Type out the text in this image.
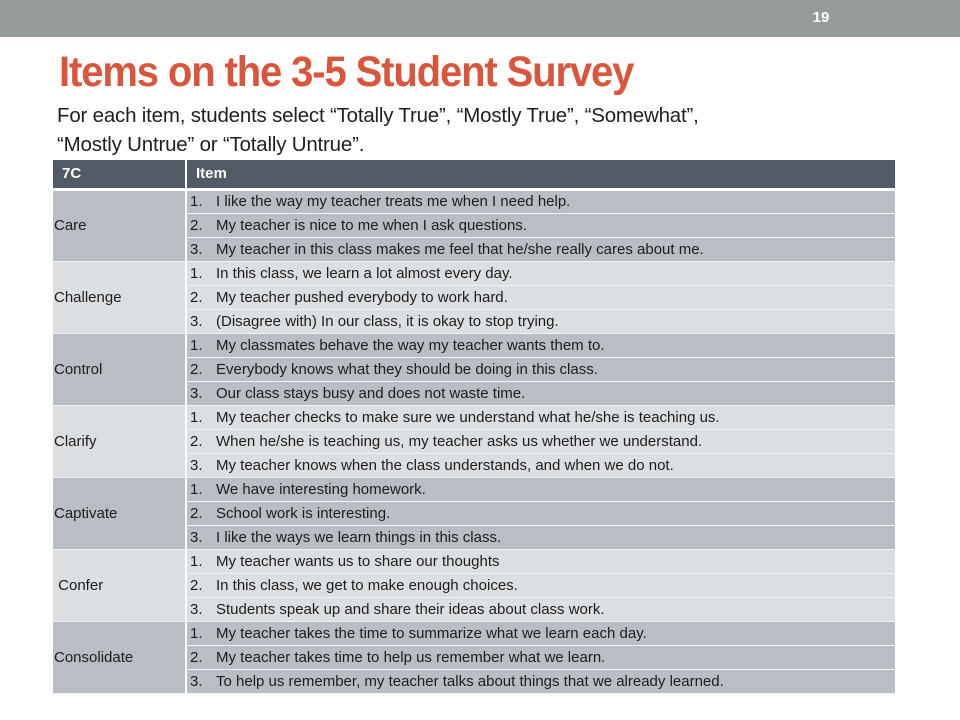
19
Items on the 3-5 Student Survey
For each item, students select “Totally True”, “Mostly True”, “Somewhat”,
“Mostly Untrue” or “Totally Untrue”.
7C	Item
Care	1. I like the way my teacher treats me when I need help.
	2. My teacher is nice to me when I ask questions.
	3. My teacher in this class makes me feel that he/she really cares about me.
Challenge	1. In this class, we learn a lot almost every day.
	2. My teacher pushed everybody to work hard.
	3. (Disagree with) In our class, it is okay to stop trying.
Control	1. My classmates behave the way my teacher wants them to.
	2. Everybody knows what they should be doing in this class.
	3. Our class stays busy and does not waste time.
Clarify	1. My teacher checks to make sure we understand what he/she is teaching us.
	2. When he/she is teaching us, my teacher asks us whether we understand.
	3. My teacher knows when the class understands, and when we do not.
Captivate	1. We have interesting homework.
	2. School work is interesting.
	3. I like the ways we learn things in this class.
Confer	1. My teacher wants us to share our thoughts
	2. In this class, we get to make enough choices.
	3. Students speak up and share their ideas about class work.
Consolidate	1. My teacher takes the time to summarize what we learn each day.
	2. My teacher takes time to help us remember what we learn.
	3. To help us remember, my teacher talks about things that we already learned.
